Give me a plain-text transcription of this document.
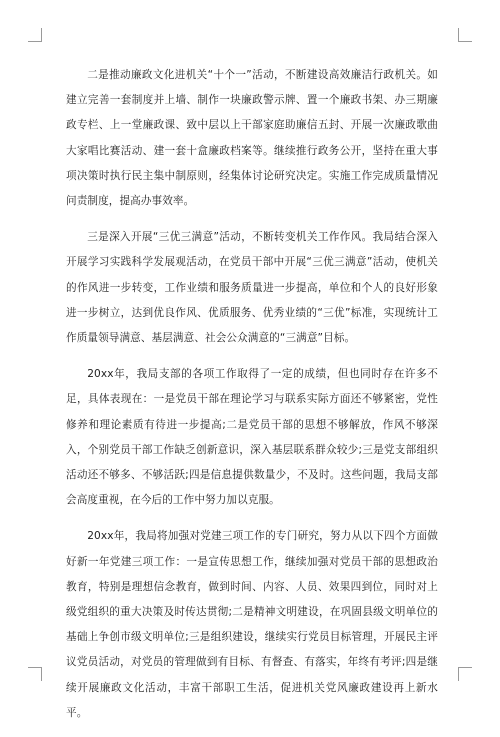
二是推动廉政文化进机关“十个一”活动，不断建设高效廉洁行政机关。如建立完善一套制度并上墙、制作一块廉政警示牌、置一个廉政书架、办三期廉政专栏、上一堂廉政课、致中层以上干部家庭助廉信五封、开展一次廉政歌曲大家唱比赛活动、建一套十盒廉政档案等。继续推行政务公开，坚持在重大事项决策时执行民主集中制原则，经集体讨论研究决定。实施工作完成质量情况问责制度，提高办事效率。

三是深入开展“三优三满意”活动，不断转变机关工作作风。我局结合深入开展学习实践科学发展观活动，在党员干部中开展“三优三满意”活动，使机关的作风进一步转变，工作业绩和服务质量进一步提高，单位和个人的良好形象进一步树立，达到优良作风、优质服务、优秀业绩的“三优”标准，实现统计工作质量领导满意、基层满意、社会公众满意的“三满意”目标。

20xx年，我局支部的各项工作取得了一定的成绩，但也同时存在许多不足，具体表现在：一是党员干部在理论学习与联系实际方面还不够紧密，党性修养和理论素质有待进一步提高;二是党员干部的思想不够解放，作风不够深入，个别党员干部工作缺乏创新意识，深入基层联系群众较少;三是党支部组织活动还不够多、不够活跃;四是信息提供数量少，不及时。这些问题，我局支部会高度重视，在今后的工作中努力加以克服。

20xx年，我局将加强对党建三项工作的专门研究，努力从以下四个方面做好新一年党建三项工作：一是宣传思想工作，继续加强对党员干部的思想政治教育，特别是理想信念教育，做到时间、内容、人员、效果四到位，同时对上级党组织的重大决策及时传达贯彻;二是精神文明建设，在巩固县级文明单位的基础上争创市级文明单位;三是组织建设，继续实行党员目标管理，开展民主评议党员活动，对党员的管理做到有目标、有督查、有落实，年终有考评;四是继续开展廉政文化活动，丰富干部职工生活，促进机关党风廉政建设再上新水平。
